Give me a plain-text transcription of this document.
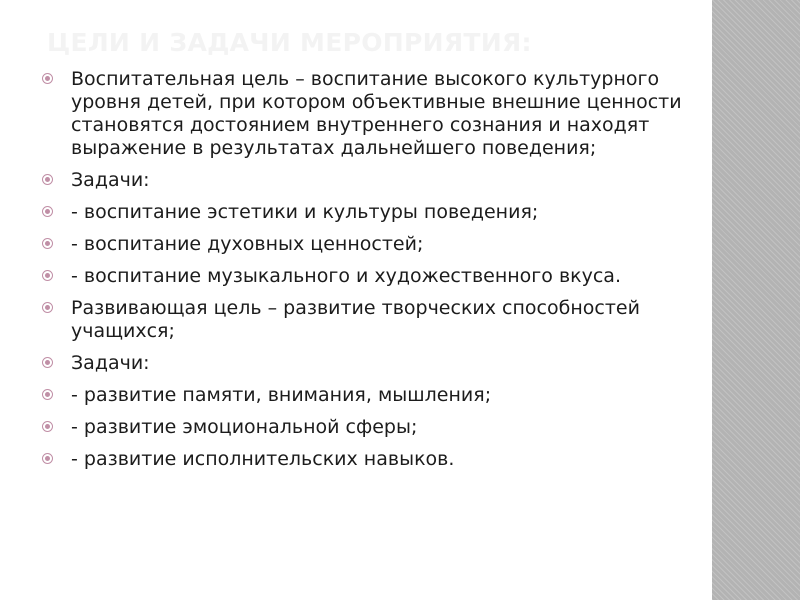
ЦЕЛИ И ЗАДАЧИ МЕРОПРИЯТИЯ:
Воспитательная цель – воспитание высокого культурного уровня детей, при котором объективные внешние ценности становятся достоянием внутреннего сознания и находят выражение в результатах дальнейшего поведения;
Задачи:
- воспитание эстетики и культуры поведения;
- воспитание духовных ценностей;
- воспитание музыкального и художественного вкуса.
Развивающая цель – развитие творческих способностей учащихся;
Задачи:
- развитие памяти, внимания, мышления;
- развитие эмоциональной сферы;
- развитие исполнительских навыков.
